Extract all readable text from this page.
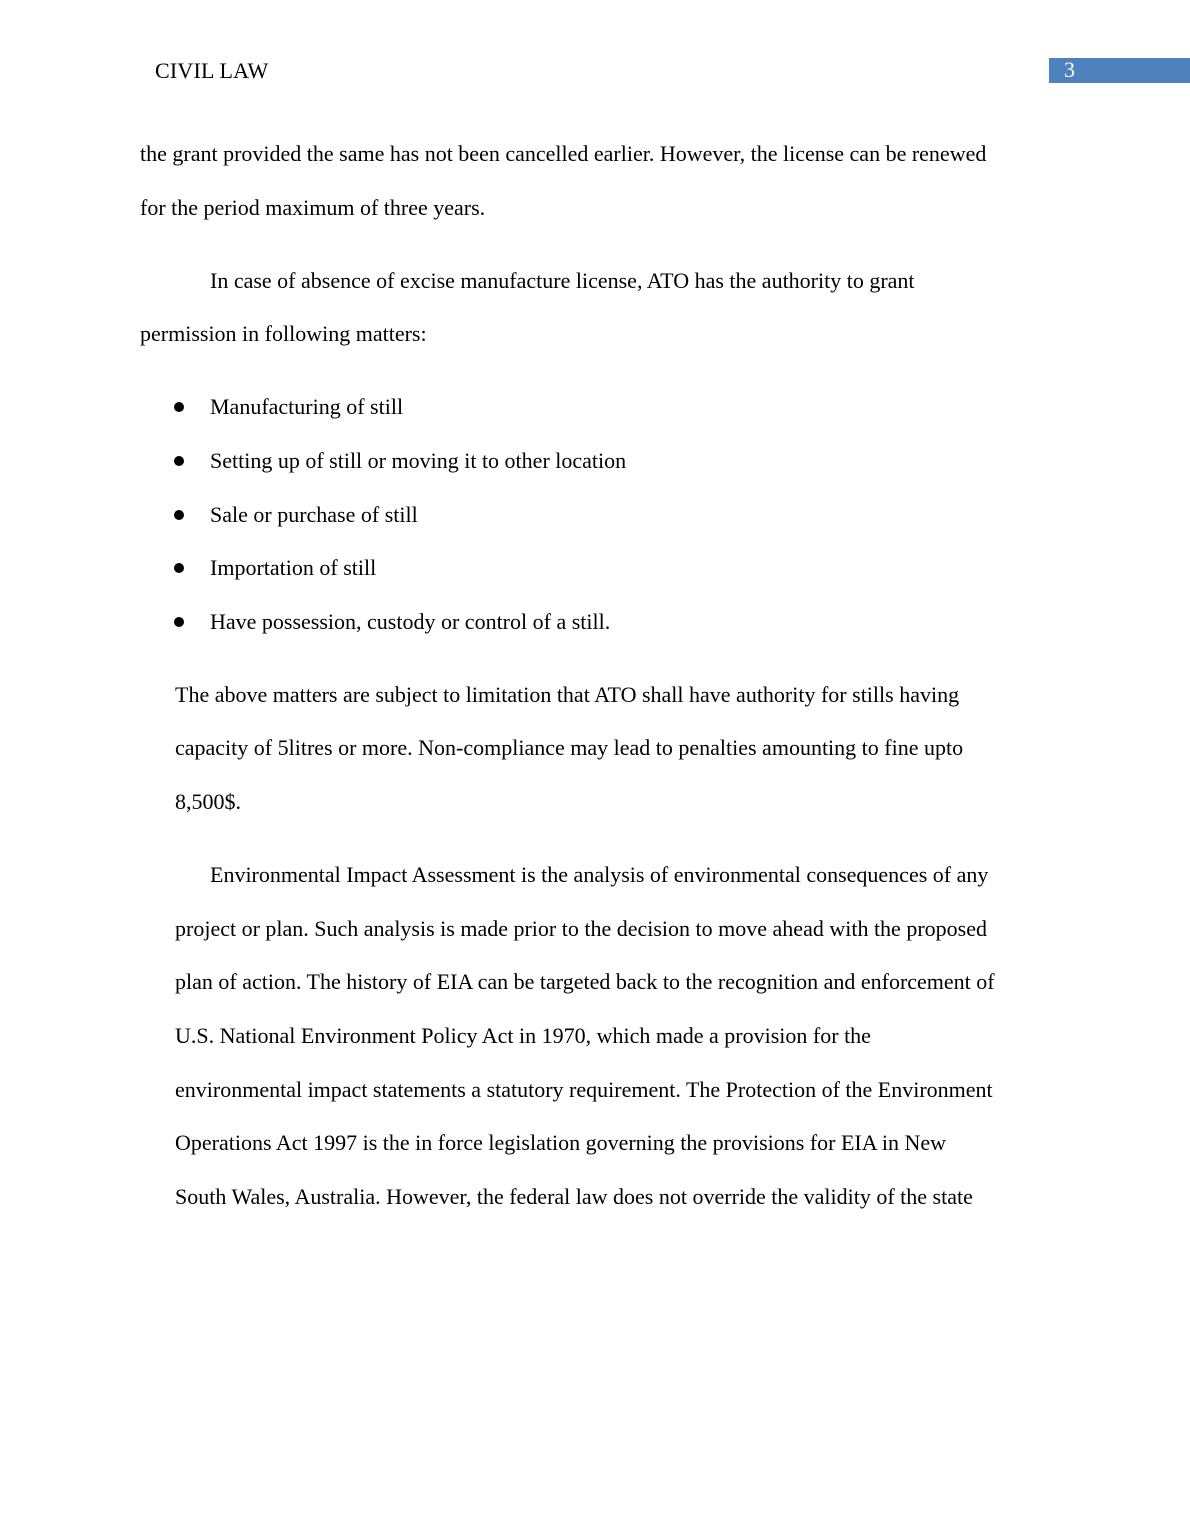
CIVIL LAW	3
the grant provided the same has not been cancelled earlier. However, the license can be renewed
for the period maximum of three years.
In case of absence of excise manufacture license, ATO has the authority to grant
permission in following matters:
Manufacturing of still
Setting up of still or moving it to other location
Sale or purchase of still
Importation of still
Have possession, custody or control of a still.
The above matters are subject to limitation that ATO shall have authority for stills having
capacity of 5litres or more. Non-compliance may lead to penalties amounting to fine upto
8,500$.
Environmental Impact Assessment is the analysis of environmental consequences of any
project or plan. Such analysis is made prior to the decision to move ahead with the proposed
plan of action. The history of EIA can be targeted back to the recognition and enforcement of
U.S. National Environment Policy Act in 1970, which made a provision for the
environmental impact statements a statutory requirement. The Protection of the Environment
Operations Act 1997 is the in force legislation governing the provisions for EIA in New
South Wales, Australia. However, the federal law does not override the validity of the state
